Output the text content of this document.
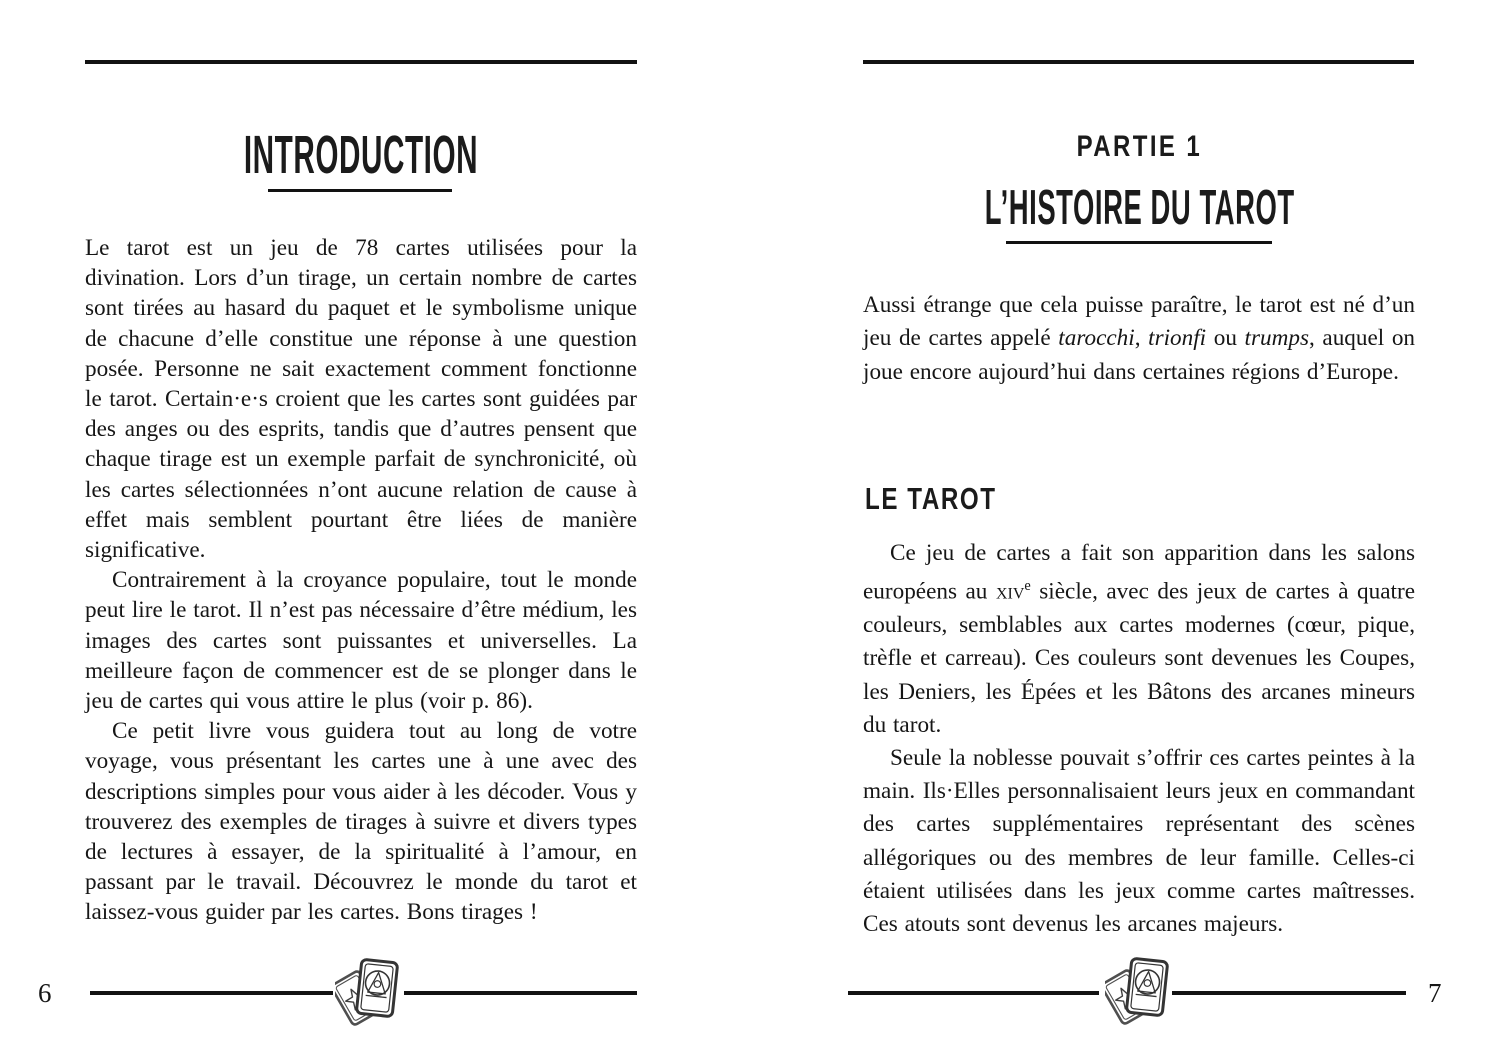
INTRODUCTION

Le tarot est un jeu de 78 cartes utilisées pour la divination. Lors d’un tirage, un certain nombre de cartes sont tirées au hasard du paquet et le symbolisme unique de chacune d’elle constitue une réponse à une question posée. Personne ne sait exactement comment fonctionne le tarot. Certain·e·s croient que les cartes sont guidées par des anges ou des esprits, tandis que d’autres pensent que chaque tirage est un exemple parfait de synchronicité, où les cartes sélectionnées n’ont aucune relation de cause à effet mais semblent pourtant être liées de manière significative.

Contrairement à la croyance populaire, tout le monde peut lire le tarot. Il n’est pas nécessaire d’être médium, les images des cartes sont puissantes et universelles. La meilleure façon de commencer est de se plonger dans le jeu de cartes qui vous attire le plus (voir p. 86).

Ce petit livre vous guidera tout au long de votre voyage, vous présentant les cartes une à une avec des descriptions simples pour vous aider à les décoder. Vous y trouverez des exemples de tirages à suivre et divers types de lectures à essayer, de la spiritualité à l’amour, en passant par le travail. Découvrez le monde du tarot et laissez-vous guider par les cartes. Bons tirages !

PARTIE 1
L’HISTOIRE DU TAROT

Aussi étrange que cela puisse paraître, le tarot est né d’un jeu de cartes appelé tarocchi, trionfi ou trumps, auquel on joue encore aujourd’hui dans certaines régions d’Europe.

LE TAROT

Ce jeu de cartes a fait son apparition dans les salons européens au xiv$^e$ siècle, avec des jeux de cartes à quatre couleurs, semblables aux cartes modernes (cœur, pique, trèfle et carreau). Ces couleurs sont devenues les Coupes, les Deniers, les Épées et les Bâtons des arcanes mineurs du tarot.

Seule la noblesse pouvait s’offrir ces cartes peintes à la main. Ils·Elles personnalisaient leurs jeux en commandant des cartes supplémentaires représentant des scènes allégoriques ou des membres de leur famille. Celles-ci étaient utilisées dans les jeux comme cartes maîtresses. Ces atouts sont devenus les arcanes majeurs.

6	7
